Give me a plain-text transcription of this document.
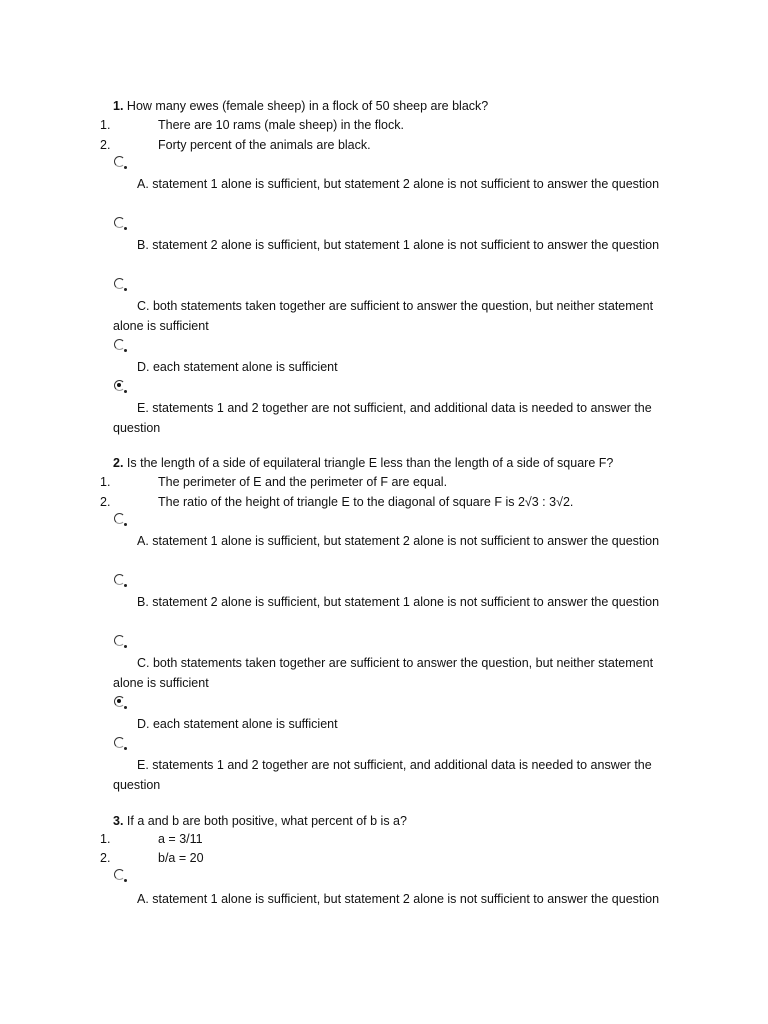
1. How many ewes (female sheep) in a flock of 50 sheep are black?
1.	There are 10 rams (male sheep) in the flock.
2.	Forty percent of the animals are black.
A. statement 1 alone is sufficient, but statement 2 alone is not sufficient to answer the question
B. statement 2 alone is sufficient, but statement 1 alone is not sufficient to answer the question
C. both statements taken together are sufficient to answer the question, but neither statement alone is sufficient
D. each statement alone is sufficient
E. statements 1 and 2 together are not sufficient, and additional data is needed to answer the question
2. Is the length of a side of equilateral triangle E less than the length of a side of square F?
1.	The perimeter of E and the perimeter of F are equal.
2.	The ratio of the height of triangle E to the diagonal of square F is 2√3 : 3√2.
A. statement 1 alone is sufficient, but statement 2 alone is not sufficient to answer the question
B. statement 2 alone is sufficient, but statement 1 alone is not sufficient to answer the question
C. both statements taken together are sufficient to answer the question, but neither statement alone is sufficient
D. each statement alone is sufficient
E. statements 1 and 2 together are not sufficient, and additional data is needed to answer the question
3. If a and b are both positive, what percent of b is a?
1.	a = 3/11
2.	b/a = 20
A. statement 1 alone is sufficient, but statement 2 alone is not sufficient to answer the question
